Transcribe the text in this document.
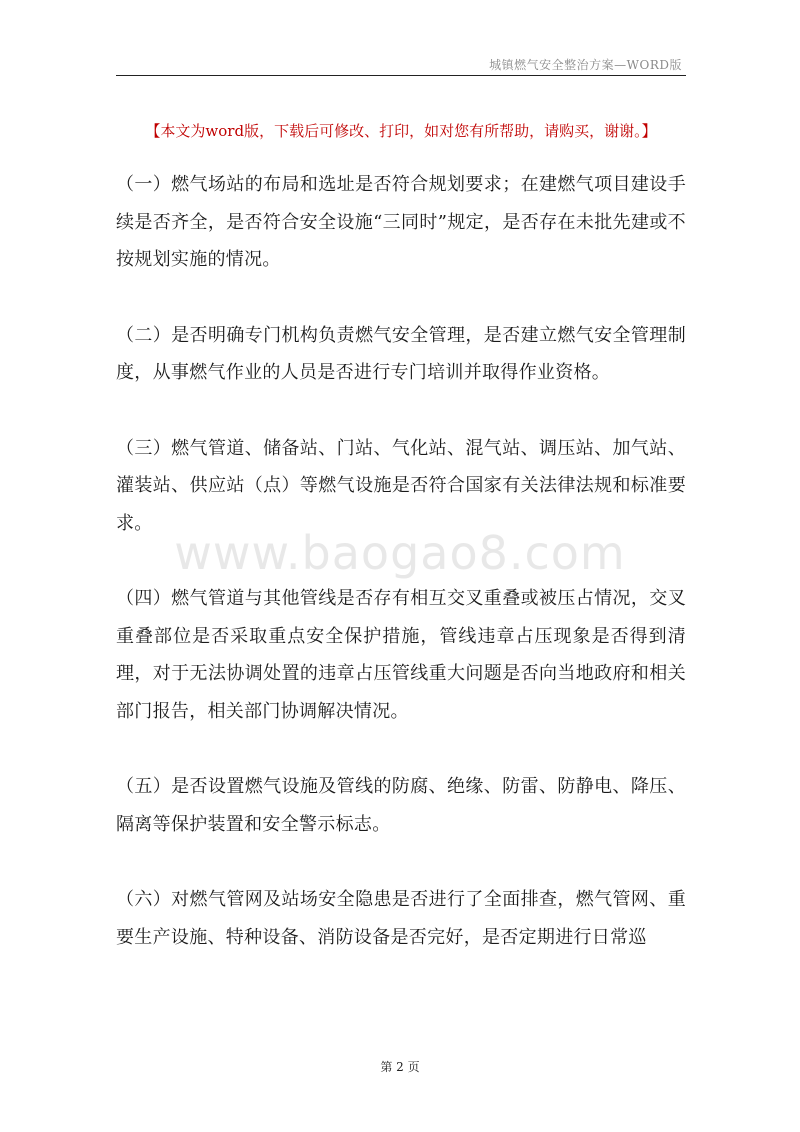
城镇燃气安全整治方案—WORD版
【本文为word版，下载后可修改、打印，如对您有所帮助，请购买，谢谢。】

（一）燃气场站的布局和选址是否符合规划要求；在建燃气项目建设手续是否齐全，是否符合安全设施“三同时”规定，是否存在未批先建或不按规划实施的情况。

（二）是否明确专门机构负责燃气安全管理，是否建立燃气安全管理制度，从事燃气作业的人员是否进行专门培训并取得作业资格。

（三）燃气管道、储备站、门站、气化站、混气站、调压站、加气站、灌装站、供应站（点）等燃气设施是否符合国家有关法律法规和标准要求。

（四）燃气管道与其他管线是否存有相互交叉重叠或被压占情况，交叉重叠部位是否采取重点安全保护措施，管线违章占压现象是否得到清理，对于无法协调处置的违章占压管线重大问题是否向当地政府和相关部门报告，相关部门协调解决情况。

（五）是否设置燃气设施及管线的防腐、绝缘、防雷、防静电、降压、隔离等保护装置和安全警示标志。

（六）对燃气管网及站场安全隐患是否进行了全面排查，燃气管网、重要生产设施、特种设备、消防设备是否完好，是否定期进行日常巡

www.baogao8.com
第 2 页
